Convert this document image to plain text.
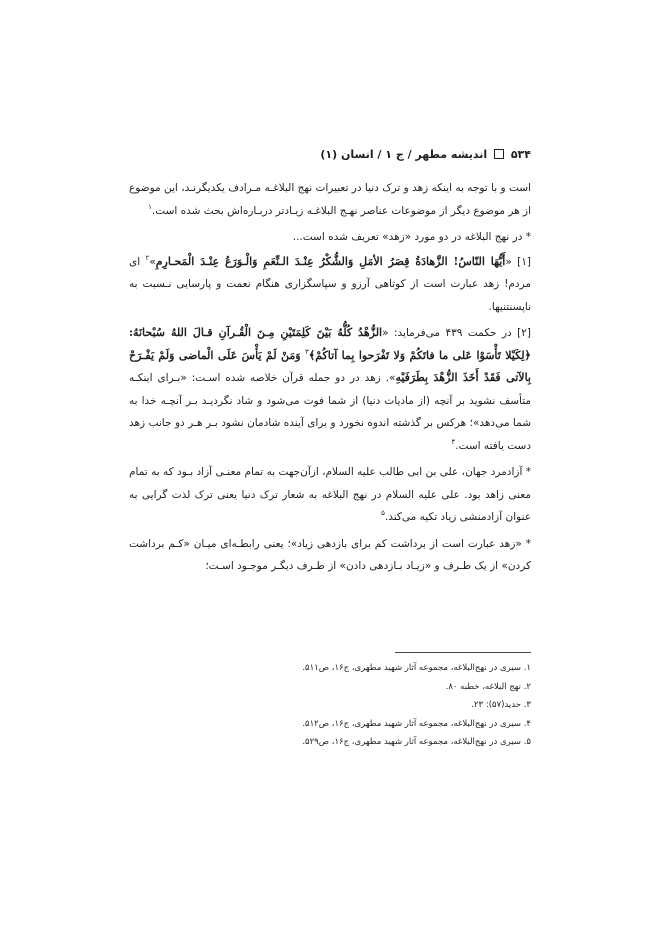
۵۳۴  اندیشه مطهر / ج ۱ / انسان (۱)

است و با توجه به اینکه زهد و ترک دنیا در تعبیرات نهج البلاغـه مـرادف یکدیگرنـد، این موضوع از هر موضوع دیگر از موضوعات عناصر نهـج البلاغـه زیـادتر دربـاره‌اش بحث شده است.$^۱$

* در نهج البلاغه در دو مورد «زهد» تعریف شده است...

[۱] «أَیُّهَا النّاسُ! الزَّهادَةُ قِصَرُ الأمَلِ وَالشُّکْرُ عِنْـدَ الـنِّعَمِ وَالْـوَرَعُ عِنْـدَ الْمَحـارِمِ»$^۲$ ای مردم! زهد عبارت است از کوتاهی آرزو و سپاسگزاری هنگام نعمت و پارسایی نـسبت به ناپسنتنیها.

[۲] در حکمت ۴۳۹ می‌فرماید: «الزُّهْدُ کُلُّهُ بَیْنَ کَلِمَتَیْنِ مِـنَ الْقُـرآنِ قـالَ اللهُ سُبْحانَهُ: ﴿لِکَیْلا تَأْسَوْا عَلی ما فاتَکُمْ وَلا تَفْرَحوا بِما آتاکُمْ﴾$^۳$ وَمَنْ لَمْ یَأْسَ عَلَی الْماضی وَلَمْ یَفْـرَحْ بِالآتی فَقَدْ أَخَذَ الزُّهْدَ بِطَرَفَیْهِ». زهد در دو جمله قرآن خلاصه شده اسـت: «بـرای اینکـه متأسف نشوید بر آنچه (از مادیات دنیا) از شما فوت می‌شود و شاد نگردیـد بـر آنچـه خدا به شما می‌دهد»؛ هرکس بر گذشته اندوه نخورد و برای آینده شادمان نشود بـر هـر دو جانب زهد دست یافته است.$^۴$

* آزادمرد جهان، علی بن ابی طالب علیه السلام، ازآن‌جهت به تمام معنـی آزاد بـود که به تمام معنی زاهد بود. علی علیه السلام در نهج البلاغه به شعار ترک دنیا یعنی ترک لذت گرایی به عنوان آزادمنشی زیاد تکیه می‌کند.$^۵$

* «زهد عبارت است از برداشت کم برای بازدهی زیاد»؛ یعنی رابطـه‌ای میـان «کـم برداشت کردن» از یک طـرف و «زیـاد بـازدهی دادن» از طـرف دیگـر موجـود اسـت؛

۱. سیری در نهج‌البلاغه، مجموعه آثار شهید مطهری، ج۱۶، ص۵۱۱.
۲. نهج البلاغه، خطبه ۸۰.
۳. حدید(۵۷): ۲۳.
۴. سیری در نهج‌البلاغه، مجموعه آثار شهید مطهری، ج۱۶، ص۵۱۲.
۵. سیری در نهج‌البلاغه، مجموعه آثار شهید مطهری، ج۱۶، ص۵۲۹.
